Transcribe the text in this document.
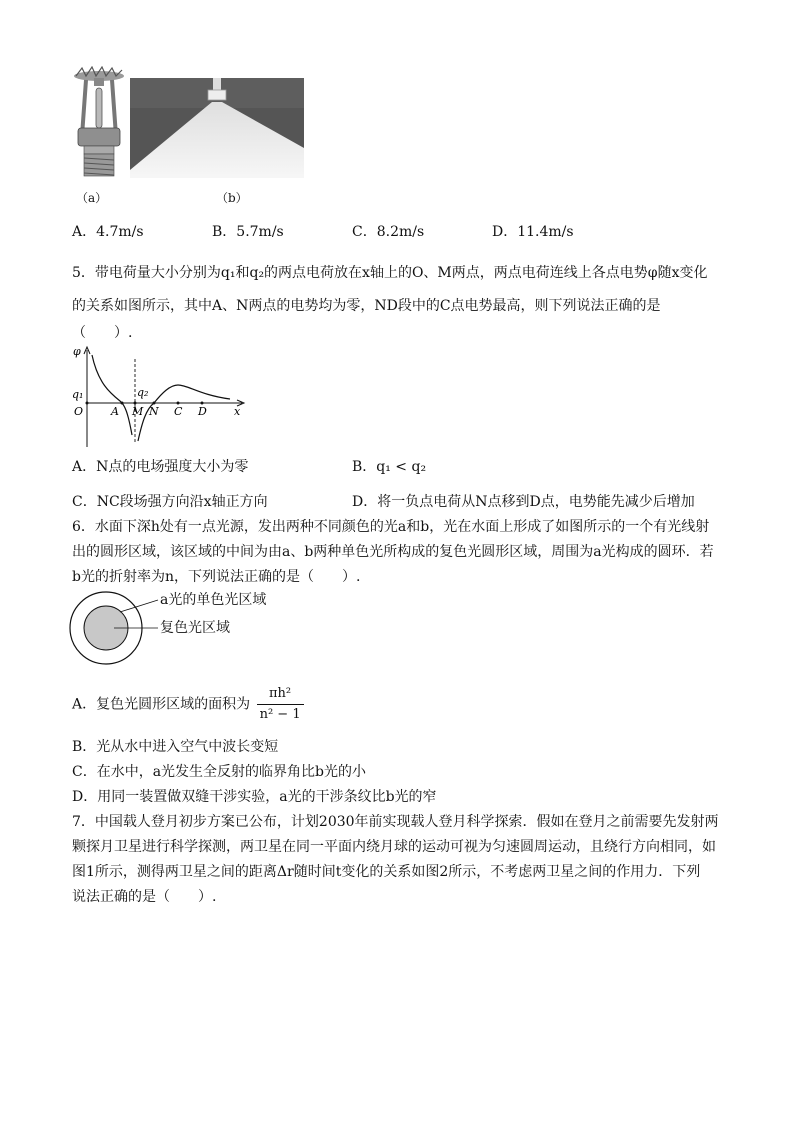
（a）	（b）
A．4.7m/s	B．5.7m/s	C．8.2m/s	D．11.4m/s
5．带电荷量大小分别为q₁和q₂的两点电荷放在x轴上的O、M两点，两点电荷连线上各点电势φ随x变化
的关系如图所示，其中A、N两点的电势均为零，ND段中的C点电势最高，则下列说法正确的是
（　　）.
φ
q₁
O	A
q₂
M N C D x
A．N点的电场强度大小为零	B．q₁ < q₂
C．NC段场强方向沿x轴正方向	D．将一负点电荷从N点移到D点，电势能先减少后增加
6．水面下深h处有一点光源，发出两种不同颜色的光a和b，光在水面上形成了如图所示的一个有光线射
出的圆形区域，该区域的中间为由a、b两种单色光所构成的复色光圆形区域，周围为a光构成的圆环．若
b光的折射率为n，下列说法正确的是（　　）.
a光的单色光区域
复色光区域
A．复色光圆形区域的面积为 $\frac{\text{πh²}}{\text{n² − 1}}$
B．光从水中进入空气中波长变短
C．在水中，a光发生全反射的临界角比b光的小
D．用同一装置做双缝干涉实验，a光的干涉条纹比b光的窄
7．中国载人登月初步方案已公布，计划2030年前实现载人登月科学探索．假如在登月之前需要先发射两
颗探月卫星进行科学探测，两卫星在同一平面内绕月球的运动可视为匀速圆周运动，且绕行方向相同，如
图1所示，测得两卫星之间的距离Δr随时间t变化的关系如图2所示，不考虑两卫星之间的作用力．下列
说法正确的是（　　）.
